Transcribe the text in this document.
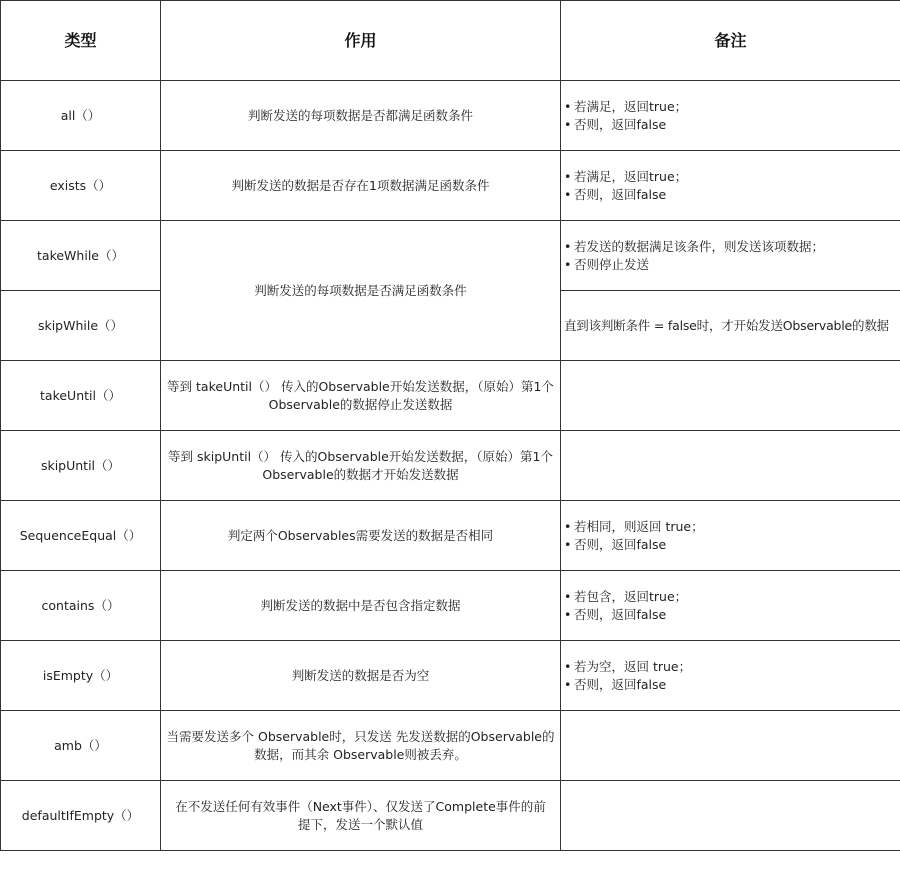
类型	作用	备注
all（）	判断发送的每项数据是否都满足函数条件	• 若满足，返回true；
• 否则，返回false

exists（）	判断发送的数据是否存在1项数据满足函数条件	• 若满足，返回true；
• 否则，返回false

takeWhile（）	判断发送的每项数据是否满足函数条件	• 若发送的数据满足该条件，则发送该项数据；
• 否则停止发送

skipWhile（）		直到该判断条件 = false时，才开始发送Observable的数据
takeUntil（）	等到 takeUntil（） 传入的Observable开始发送数据，（原始）第1个
Observable的数据停止发送数据	

skipUntil（）	等到 skipUntil（） 传入的Observable开始发送数据，（原始）第1个
Observable的数据才开始发送数据	

SequenceEqual（）	判定两个Observables需要发送的数据是否相同	• 若相同，则返回 true；
• 否则，返回false

contains（）	判断发送的数据中是否包含指定数据	• 若包含，返回true；
• 否则，返回false

isEmpty（）	判断发送的数据是否为空	• 若为空，返回 true；
• 否则，返回false

amb（）	当需要发送多个 Observable时，只发送 先发送数据的Observable的
数据，而其余 Observable则被丢弃。	

defaultIfEmpty（）	在不发送任何有效事件（Next事件）、仅发送了Complete事件的前
提下，发送一个默认值	
